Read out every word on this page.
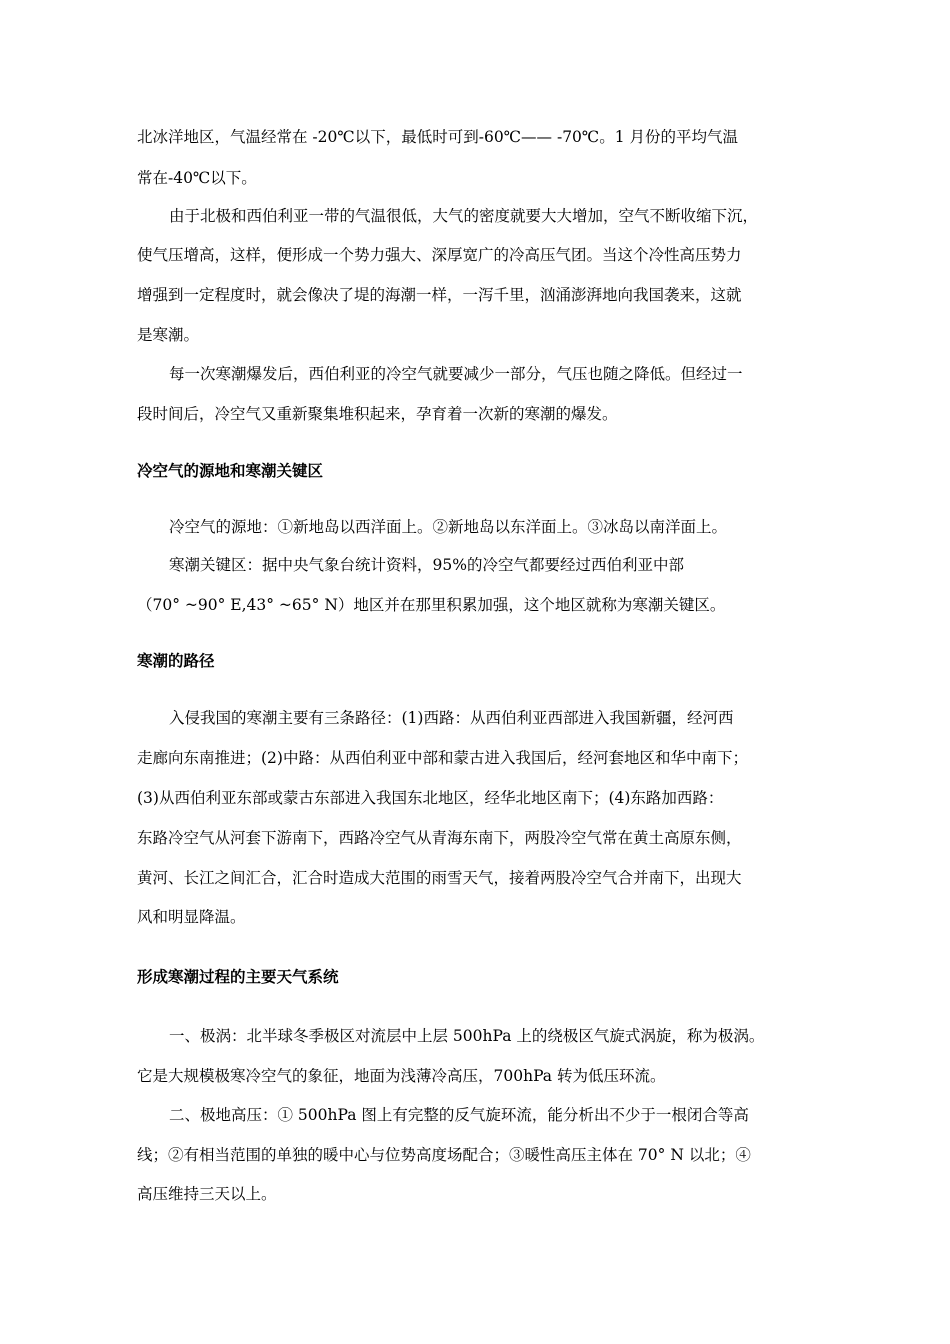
北冰洋地区，气温经常在 -20℃以下，最低时可到-60℃—— -70℃。1 月份的平均气温
常在-40℃以下。
由于北极和西伯利亚一带的气温很低，大气的密度就要大大增加，空气不断收缩下沉，
使气压增高，这样，便形成一个势力强大、深厚宽广的冷高压气团。当这个冷性高压势力
增强到一定程度时，就会像决了堤的海潮一样，一泻千里，汹涌澎湃地向我国袭来，这就
是寒潮。
每一次寒潮爆发后，西伯利亚的冷空气就要减少一部分，气压也随之降低。但经过一
段时间后，冷空气又重新聚集堆积起来，孕育着一次新的寒潮的爆发。
冷空气的源地和寒潮关键区
冷空气的源地：①新地岛以西洋面上。②新地岛以东洋面上。③冰岛以南洋面上。
寒潮关键区：据中央气象台统计资料，95%的冷空气都要经过西伯利亚中部
（70° ~90° E,43° ~65° N）地区并在那里积累加强，这个地区就称为寒潮关键区。
寒潮的路径
入侵我国的寒潮主要有三条路径：(1)西路：从西伯利亚西部进入我国新疆，经河西
走廊向东南推进；(2)中路：从西伯利亚中部和蒙古进入我国后，经河套地区和华中南下；
(3)从西伯利亚东部或蒙古东部进入我国东北地区，经华北地区南下；(4)东路加西路：
东路冷空气从河套下游南下，西路冷空气从青海东南下，两股冷空气常在黄土高原东侧，
黄河、长江之间汇合，汇合时造成大范围的雨雪天气，接着两股冷空气合并南下，出现大
风和明显降温。
形成寒潮过程的主要天气系统
一、极涡：北半球冬季极区对流层中上层 500hPa 上的绕极区气旋式涡旋，称为极涡。
它是大规模极寒冷空气的象征，地面为浅薄冷高压，700hPa 转为低压环流。
二、极地高压：① 500hPa 图上有完整的反气旋环流，能分析出不少于一根闭合等高
线；②有相当范围的单独的暖中心与位势高度场配合；③暖性高压主体在 70° N 以北；④
高压维持三天以上。
